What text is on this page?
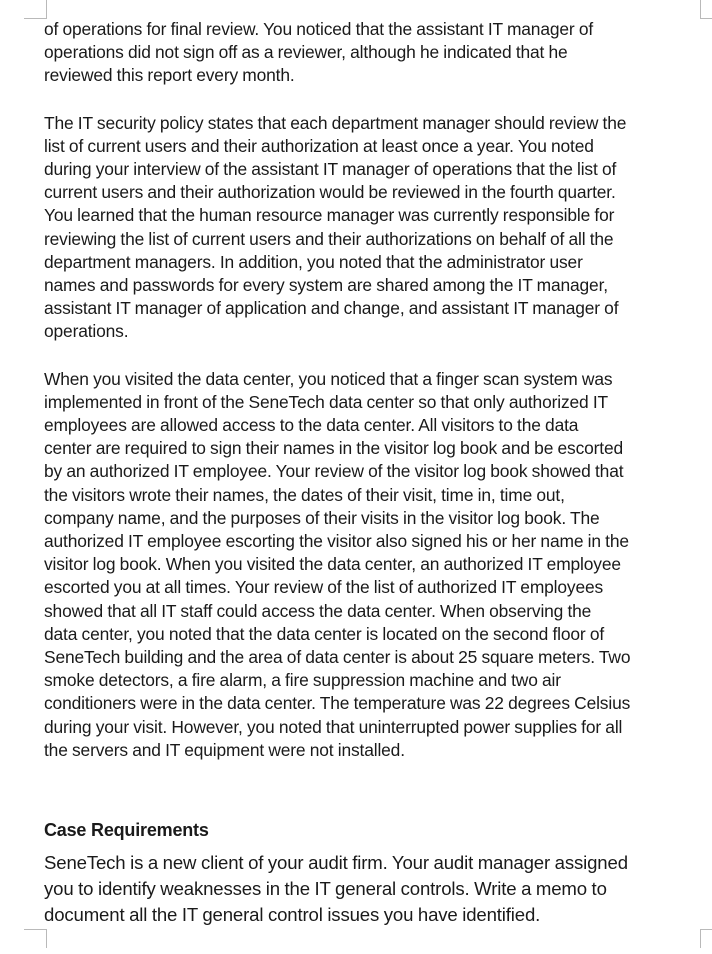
of operations for final review. You noticed that the assistant IT manager of
operations did not sign off as a reviewer, although he indicated that he
reviewed this report every month.

The IT security policy states that each department manager should review the
list of current users and their authorization at least once a year. You noted
during your interview of the assistant IT manager of operations that the list of
current users and their authorization would be reviewed in the fourth quarter.
You learned that the human resource manager was currently responsible for
reviewing the list of current users and their authorizations on behalf of all the
department managers. In addition, you noted that the administrator user
names and passwords for every system are shared among the IT manager,
assistant IT manager of application and change, and assistant IT manager of
operations.

When you visited the data center, you noticed that a finger scan system was
implemented in front of the SeneTech data center so that only authorized IT
employees are allowed access to the data center. All visitors to the data
center are required to sign their names in the visitor log book and be escorted
by an authorized IT employee. Your review of the visitor log book showed that
the visitors wrote their names, the dates of their visit, time in, time out,
company name, and the purposes of their visits in the visitor log book. The
authorized IT employee escorting the visitor also signed his or her name in the
visitor log book. When you visited the data center, an authorized IT employee
escorted you at all times. Your review of the list of authorized IT employees
showed that all IT staff could access the data center. When observing the
data center, you noted that the data center is located on the second floor of
SeneTech building and the area of data center is about 25 square meters. Two
smoke detectors, a fire alarm, a fire suppression machine and two air
conditioners were in the data center. The temperature was 22 degrees Celsius
during your visit. However, you noted that uninterrupted power supplies for all
the servers and IT equipment were not installed.

Case Requirements

SeneTech is a new client of your audit firm. Your audit manager assigned
you to identify weaknesses in the IT general controls. Write a memo to
document all the IT general control issues you have identified.
